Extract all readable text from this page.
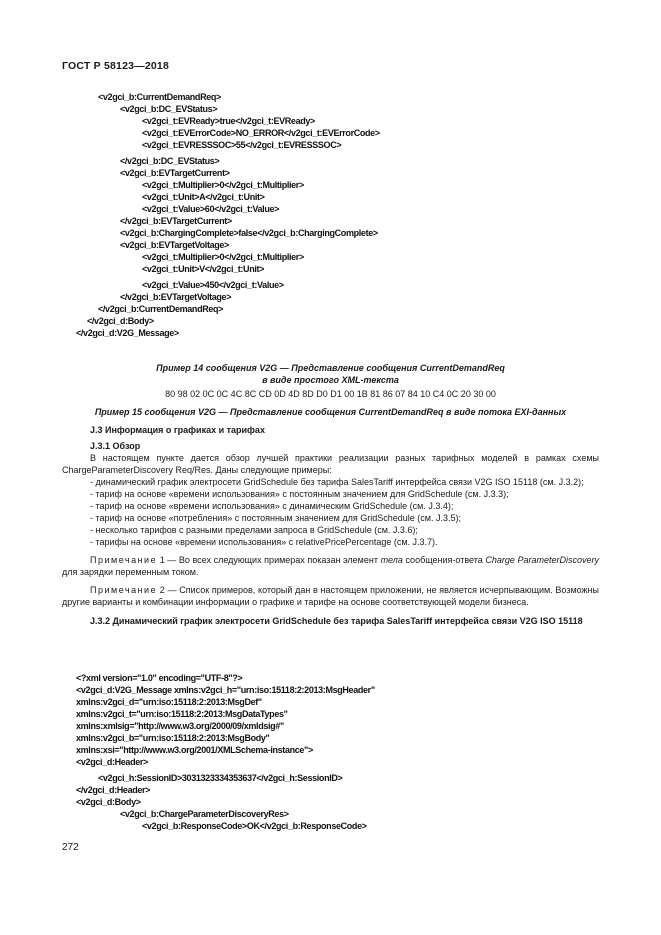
ГОСТ Р 58123—2018
<v2gci_b:CurrentDemandReq>
<v2gci_b:DC_EVStatus>
<v2gci_t:EVReady>true</v2gci_t:EVReady>
<v2gci_t:EVErrorCode>NO_ERROR</v2gci_t:EVErrorCode>
<v2gci_t:EVRESSSOC>55</v2gci_t:EVRESSSOC>
</v2gci_b:DC_EVStatus>
<v2gci_b:EVTargetCurrent>
<v2gci_t:Multiplier>0</v2gci_t:Multiplier>
<v2gci_t:Unit>A</v2gci_t:Unit>
<v2gci_t:Value>60</v2gci_t:Value>
</v2gci_b:EVTargetCurrent>
<v2gci_b:ChargingComplete>false</v2gci_b:ChargingComplete>
<v2gci_b:EVTargetVoltage>
<v2gci_t:Multiplier>0</v2gci_t:Multiplier>
<v2gci_t:Unit>V</v2gci_t:Unit>
<v2gci_t:Value>450</v2gci_t:Value>
</v2gci_b:EVTargetVoltage>
</v2gci_b:CurrentDemandReq>
</v2gci_d:Body>
</v2gci_d:V2G_Message>
Пример 14 сообщения V2G — Представление сообщения CurrentDemandReq
в виде простого XML-текста
80 98 02 0C 0C 4C 8C CD 0D 4D 8D D0 D1 00 1B 81 86 07 84 10 C4 0C 20 30 00
Пример 15 сообщения V2G — Представление сообщения CurrentDemandReq в виде потока EXI-данных
J.3 Информация о графиках и тарифах
J.3.1 Обзор
В настоящем пункте дается обзор лучшей практики реализации разных тарифных моделей в рамках схемы ChargeParameterDiscovery Req/Res. Даны следующие примеры:
- динамический график электросети GridSchedule без тарифа SalesTariff интерфейса связи V2G ISO 15118 (см. J.3.2);
- тариф на основе «времени использования» с постоянным значением для GridSchedule (см. J.3.3);
- тариф на основе «времени использования» с динамическим GridSchedule (см. J.3.4);
- тариф на основе «потребления» с постоянным значением для GridSchedule (см. J.3.5);
- несколько тарифов с разными пределами запроса в GridSchedule (см. J.3.6);
- тарифы на основе «времени использования» с relativePricePercentage (см. J.3.7).
Примечание 1 — Во всех следующих примерах показан элемент тела сообщения-ответа Charge ParameterDiscovery для зарядки переменным током.
Примечание 2 — Список примеров, который дан в настоящем приложении, не является исчерпывающим. Возможны другие варианты и комбинации информации о графике и тарифе на основе соответствующей модели бизнеса.
J.3.2 Динамический график электросети GridSchedule без тарифа SalesTariff интерфейса связи V2G ISO 15118
<?xml version="1.0" encoding="UTF-8"?>
<v2gci_d:V2G_Message xmlns:v2gci_h="urn:iso:15118:2:2013:MsgHeader"
xmlns:v2gci_d="urn:iso:15118:2:2013:MsgDef"
xmlns:v2gci_t="urn:iso:15118:2:2013:MsgDataTypes"
xmlns:xmlsig="http://www.w3.org/2000/09/xmldsig#"
xmlns:v2gci_b="urn:iso:15118:2:2013:MsgBody"
xmlns:xsi="http://www.w3.org/2001/XMLSchema-instance">
<v2gci_d:Header>
<v2gci_h:SessionID>3031323334353637</v2gci_h:SessionID>
</v2gci_d:Header>
<v2gci_d:Body>
<v2gci_b:ChargeParameterDiscoveryRes>
<v2gci_b:ResponseCode>OK</v2gci_b:ResponseCode>
272
